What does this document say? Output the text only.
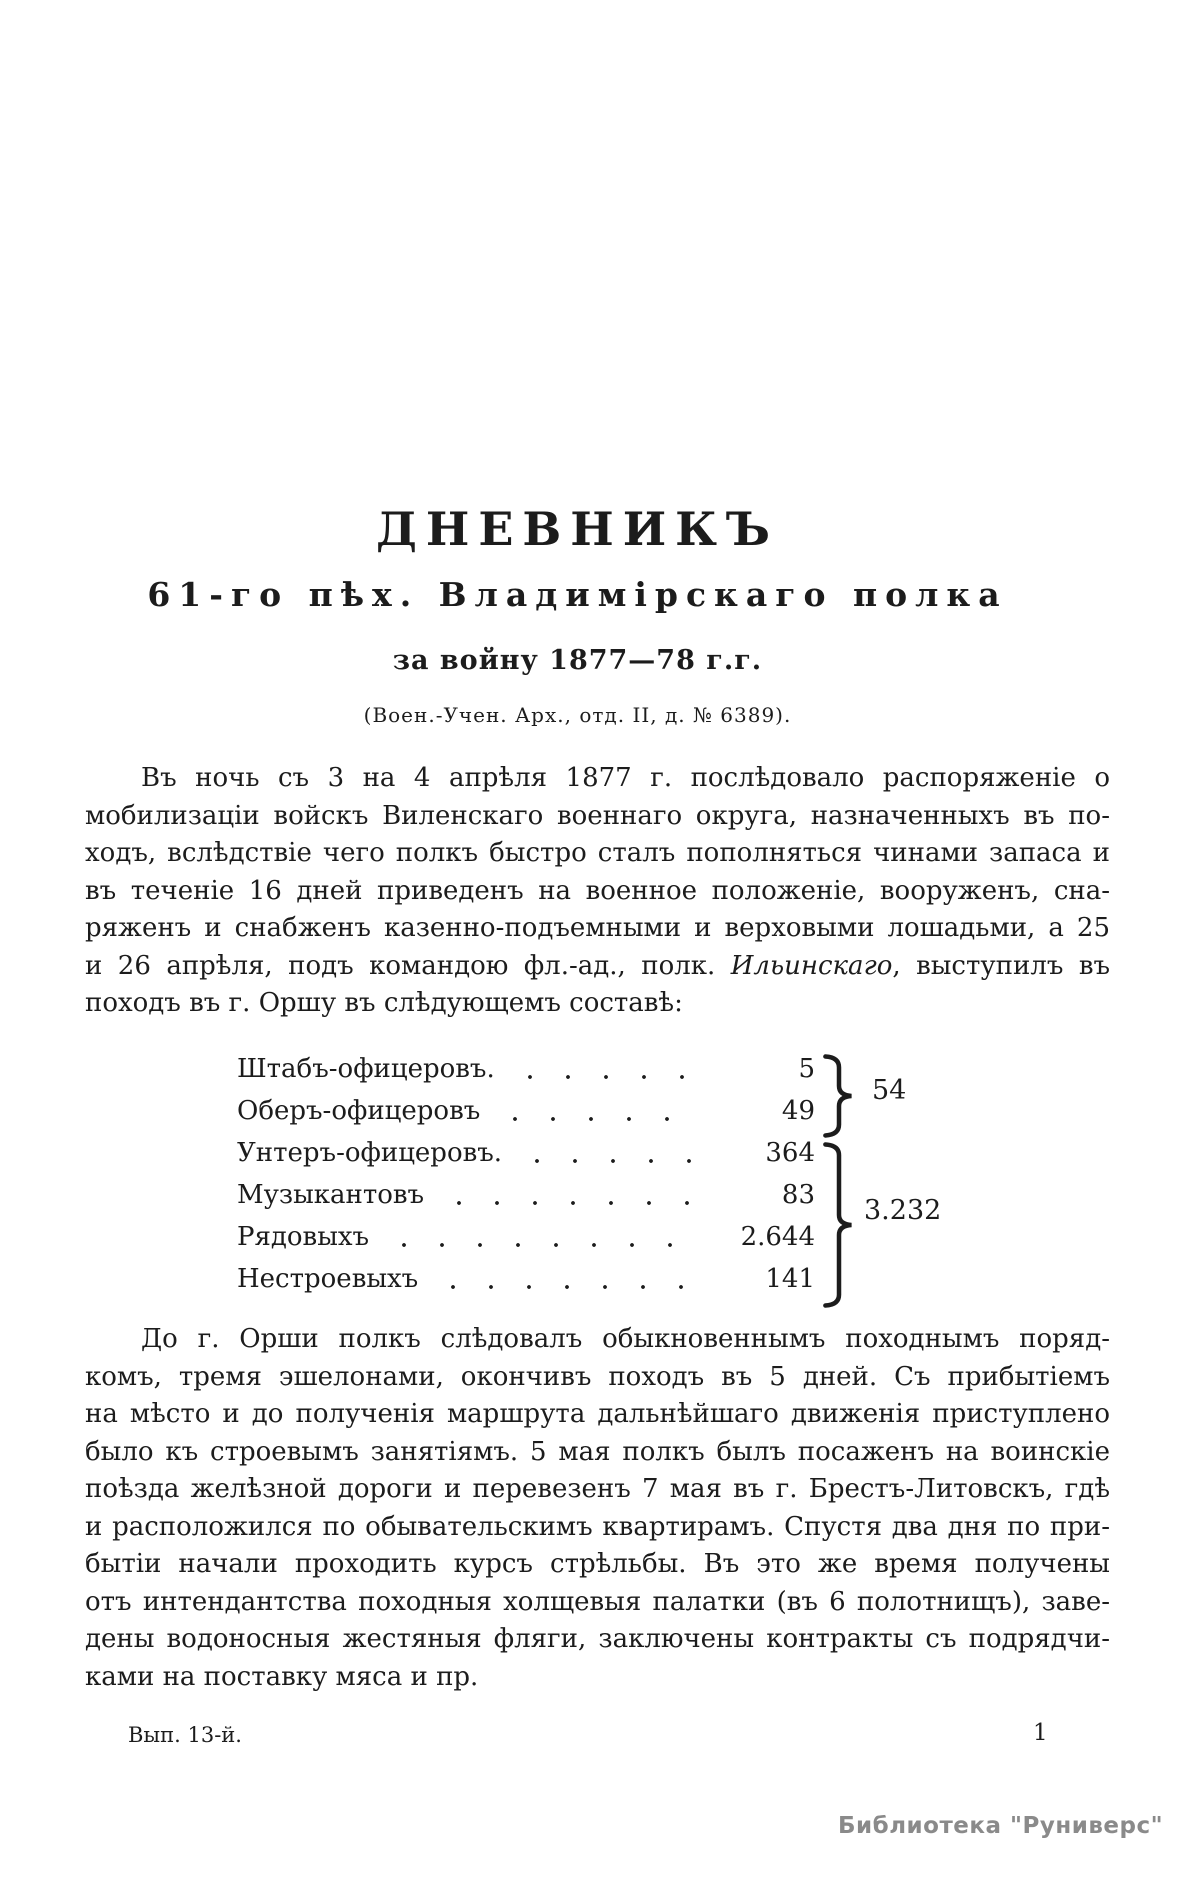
ДНЕВНИКЪ
61-го пѣх. Владимірскаго полка
за войну 1877—78 г.г.
(Воен.-Учен. Арх., отд. II, д. № 6389).
Въ ночь съ 3 на 4 апрѣля 1877 г. послѣдовало распоряженіе о
мобилизаціи войскъ Виленскаго военнаго округа, назначенныхъ въ по-
ходъ, вслѣдствіе чего полкъ быстро сталъ пополняться чинами запаса и
въ теченіе 16 дней приведенъ на военное положеніе, вооруженъ, сна-
ряженъ и снабженъ казенно-подъемными и верховыми лошадьми, а 25
и 26 апрѣля, подъ командою фл.-ад., полк. Ильинскаго, выступилъ въ
походъ въ г. Оршу въ слѣдующемъ составѣ:
Штабъ-офицеровъ.	5
Оберъ-офицеровъ	49
Унтеръ-офицеровъ.	364
Музыкантовъ	83
Рядовыхъ	2.644
Нестроевыхъ	141
54
3.232
До г. Орши полкъ слѣдовалъ обыкновеннымъ походнымъ поряд-
комъ, тремя эшелонами, окончивъ походъ въ 5 дней. Съ прибытіемъ
на мѣсто и до полученія маршрута дальнѣйшаго движенія приступлено
было къ строевымъ занятіямъ. 5 мая полкъ былъ посаженъ на воинскіе
поѣзда желѣзной дороги и перевезенъ 7 мая въ г. Брестъ-Литовскъ, гдѣ
и расположился по обывательскимъ квартирамъ. Спустя два дня по при-
бытіи начали проходить курсъ стрѣльбы. Въ это же время получены
отъ интендантства походныя холщевыя палатки (въ 6 полотнищъ), заве-
дены водоносныя жестяныя фляги, заключены контракты съ подрядчи-
ками на поставку мяса и пр.
Вып. 13-й.	1
Библиотека "Руниверс"
